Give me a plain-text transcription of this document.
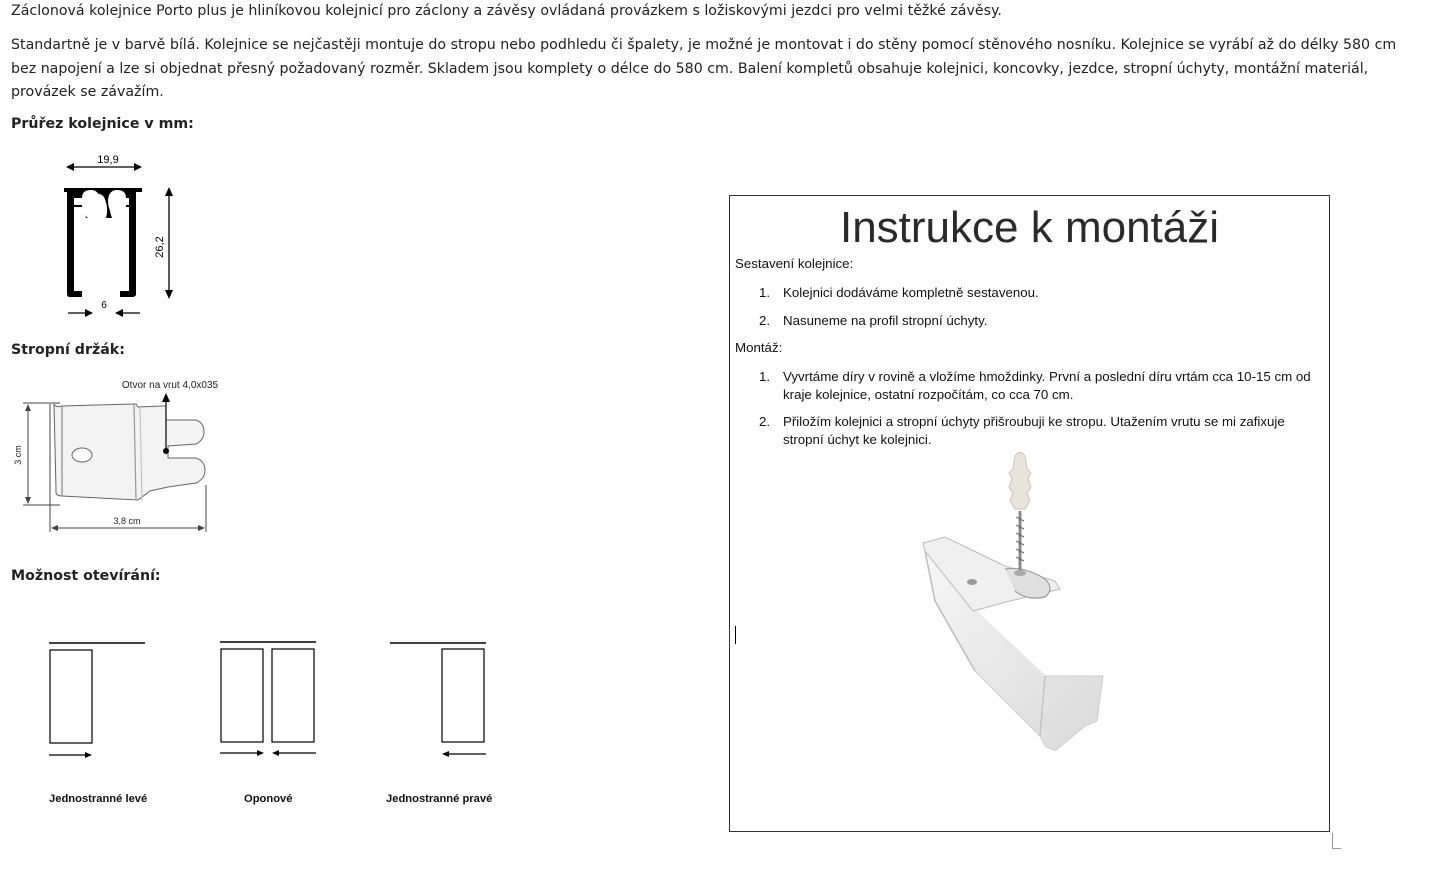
Záclonová kolejnice Porto plus je hliníkovou kolejnicí pro záclony a závěsy ovládaná provázkem s ložiskovými jezdci pro velmi těžké závěsy.

Standartně je v barvě bílá. Kolejnice se nejčastěji montuje do stropu nebo podhledu či špalety, je možné je montovat i do stěny pomocí stěnového nosníku. Kolejnice se vyrábí až do délky 580 cm bez napojení a lze si objednat přesný požadovaný rozměr. Skladem jsou komplety o délce do 580 cm. Balení kompletů obsahuje kolejnici, koncovky, jezdce, stropní úchyty, montážní materiál, provázek se závažím.

Průřez kolejnice v mm:
19,9
26,2
6
Stropní držák:
Otvor na vrut 4,0x035
3 cm
3,8 cm
Možnost otevírání:
Jednostranné levé	Oponové	Jednostranné pravé
Instrukce k montáži
Sestavení kolejnice:
1. Kolejnici dodáváme kompletně sestavenou.
2. Nasuneme na profil stropní úchyty.
Montáž:
1. Vyvrtáme díry v rovině a vložíme hmoždinky. První a poslední díru vrtám cca 10-15 cm od kraje kolejnice, ostatní rozpočítám, co cca 70 cm.
2. Přiložím kolejnici a stropní úchyty přišroubuji ke stropu. Utažením vrutu se mi zafixuje stropní úchyt ke kolejnici.
